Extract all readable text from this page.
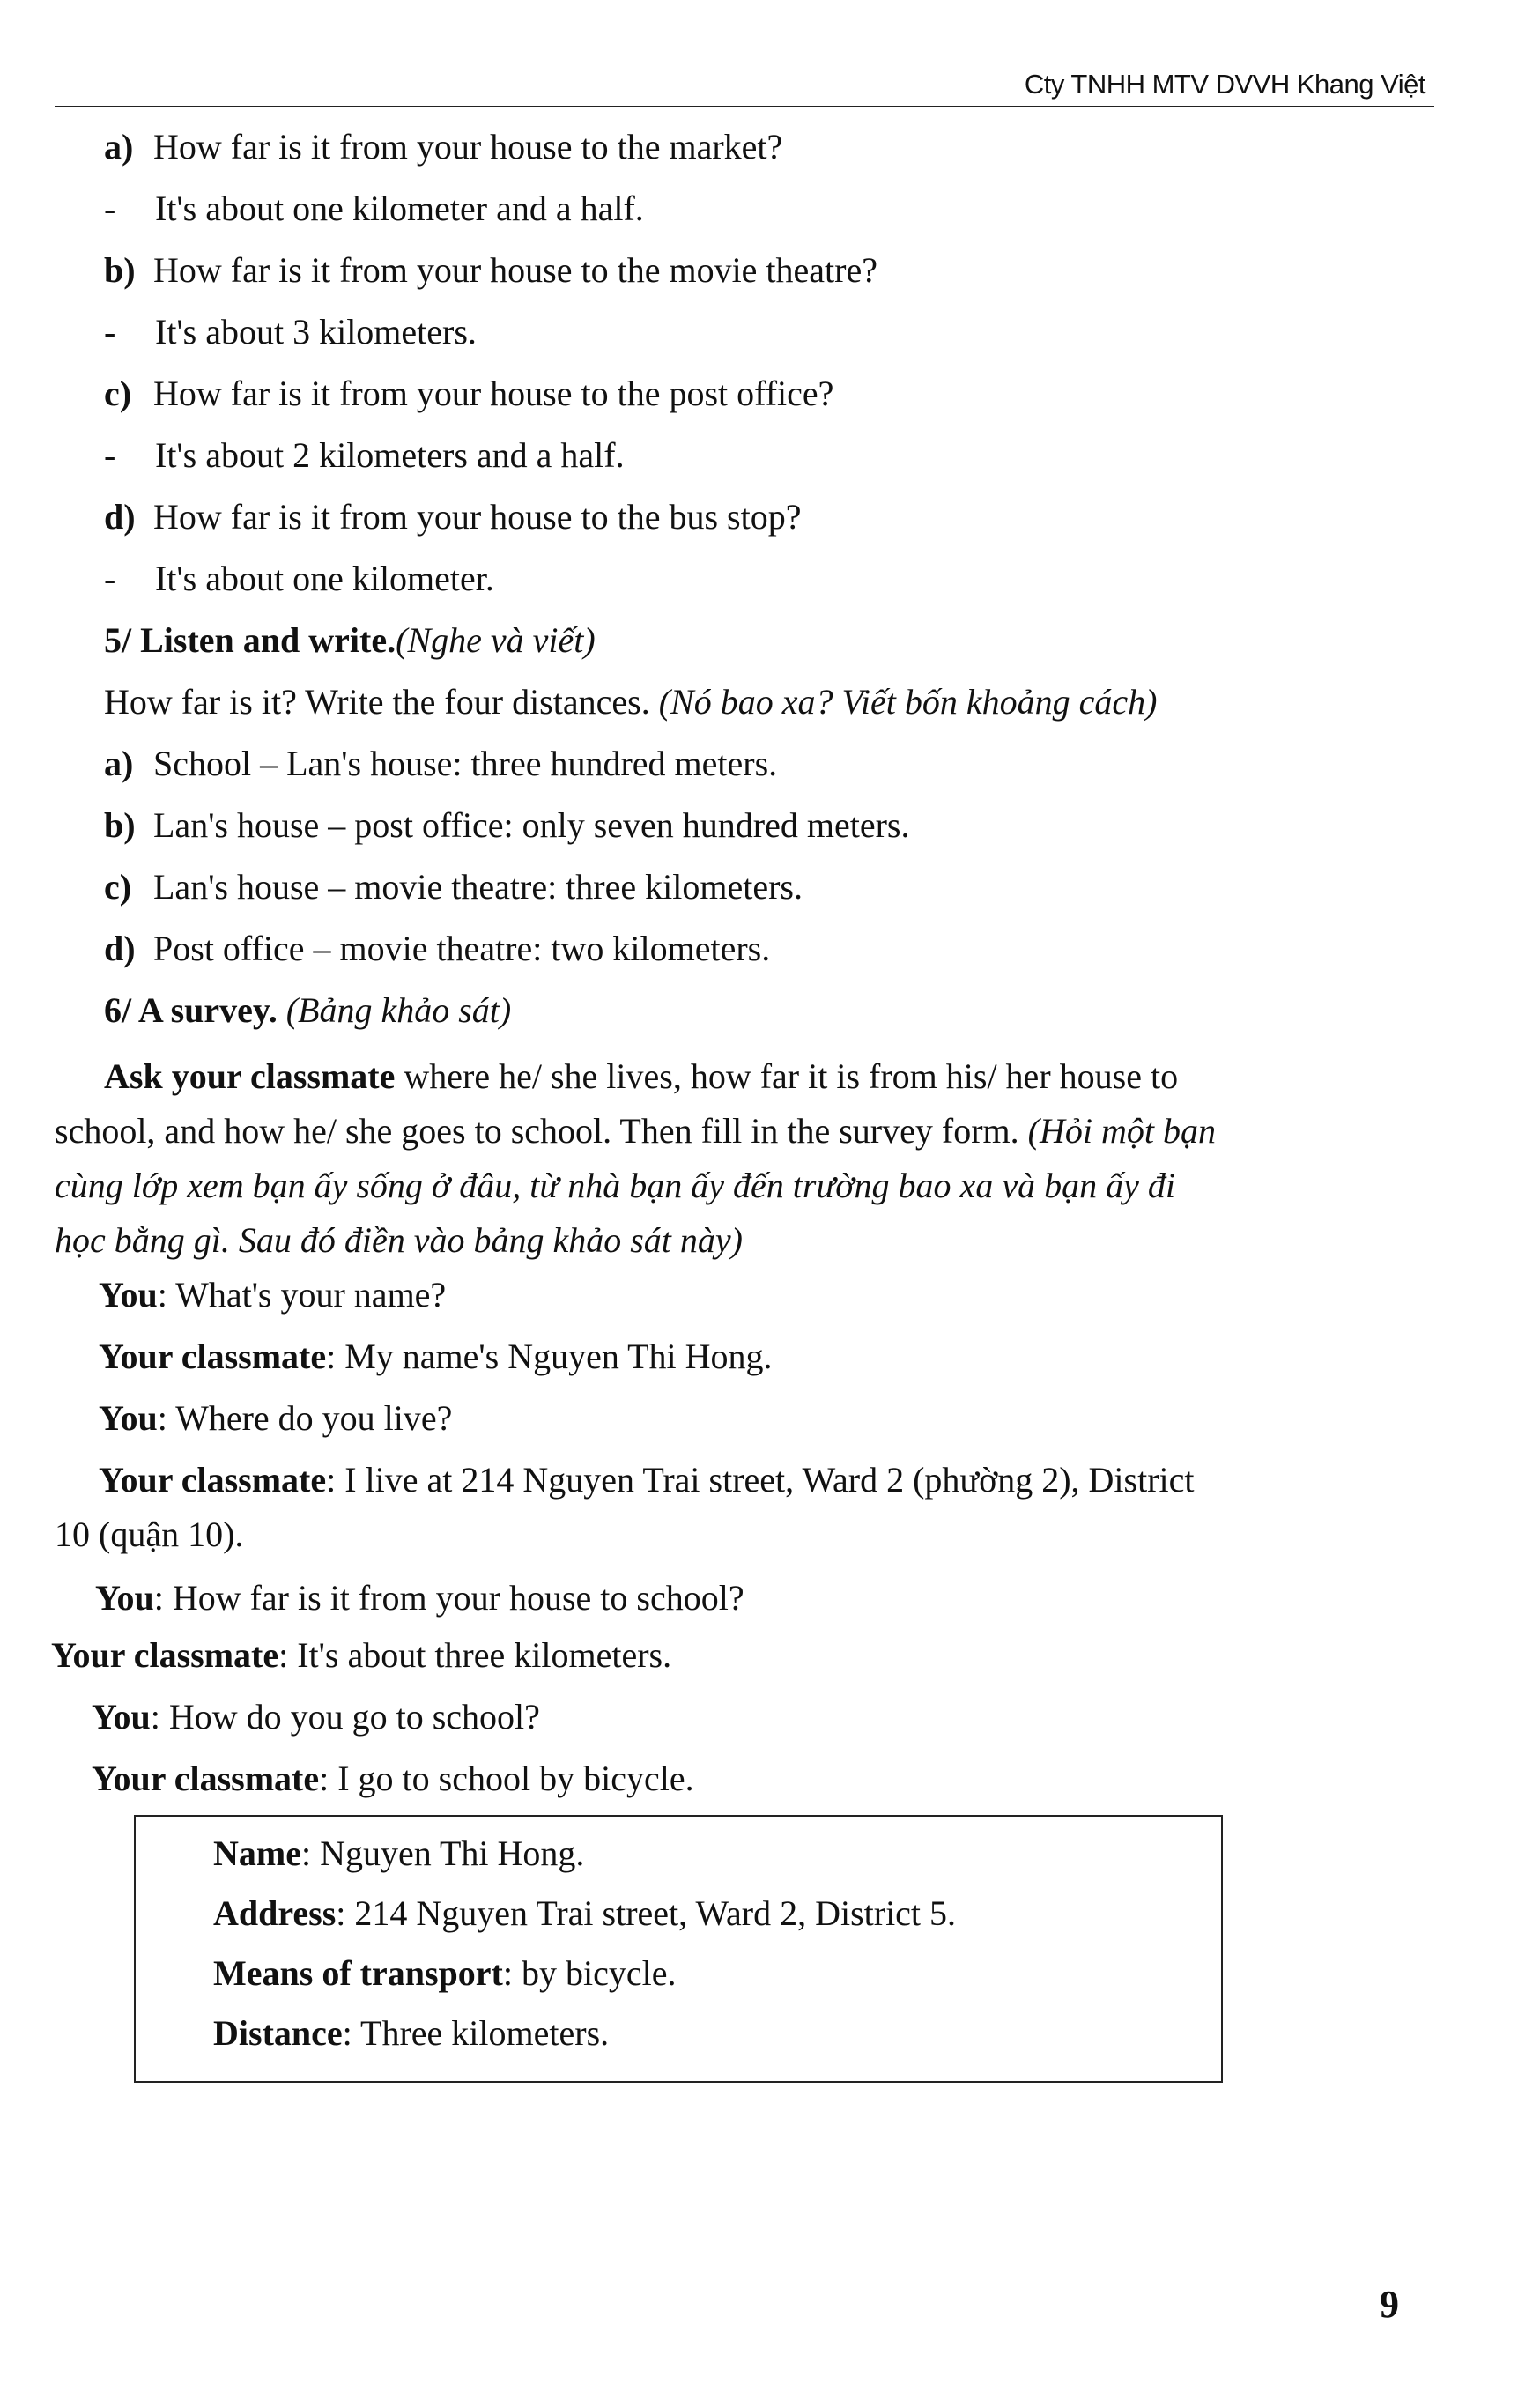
Cty TNHH MTV DVVH Khang Việt
a) How far is it from your house to the market?
- It's about one kilometer and a half.
b) How far is it from your house to the movie theatre?
- It's about 3 kilometers.
c) How far is it from your house to the post office?
- It's about 2 kilometers and a half.
d) How far is it from your house to the bus stop?
- It's about one kilometer.
5/ Listen and write.(Nghe và viết)
How far is it? Write the four distances. (Nó bao xa? Viết bốn khoảng cách)
a) School – Lan's house: three hundred meters.
b) Lan's house – post office: only seven hundred meters.
c) Lan's house – movie theatre: three kilometers.
d) Post office – movie theatre: two kilometers.
6/ A survey. (Bảng khảo sát)
Ask your classmate where he/ she lives, how far it is from his/ her house to
school, and how he/ she goes to school. Then fill in the survey form. (Hỏi một bạn
cùng lớp xem bạn ấy sống ở đâu, từ nhà bạn ấy đến trường bao xa và bạn ấy đi
học bằng gì. Sau đó điền vào bảng khảo sát này)
You: What's your name?
Your classmate: My name's Nguyen Thi Hong.
You: Where do you live?
Your classmate: I live at 214 Nguyen Trai street, Ward 2 (phường 2), District
10 (quận 10).
You: How far is it from your house to school?
Your classmate: It's about three kilometers.
You: How do you go to school?
Your classmate: I go to school by bicycle.
Name: Nguyen Thi Hong.
Address: 214 Nguyen Trai street, Ward 2, District 5.
Means of transport: by bicycle.
Distance: Three kilometers.
9
